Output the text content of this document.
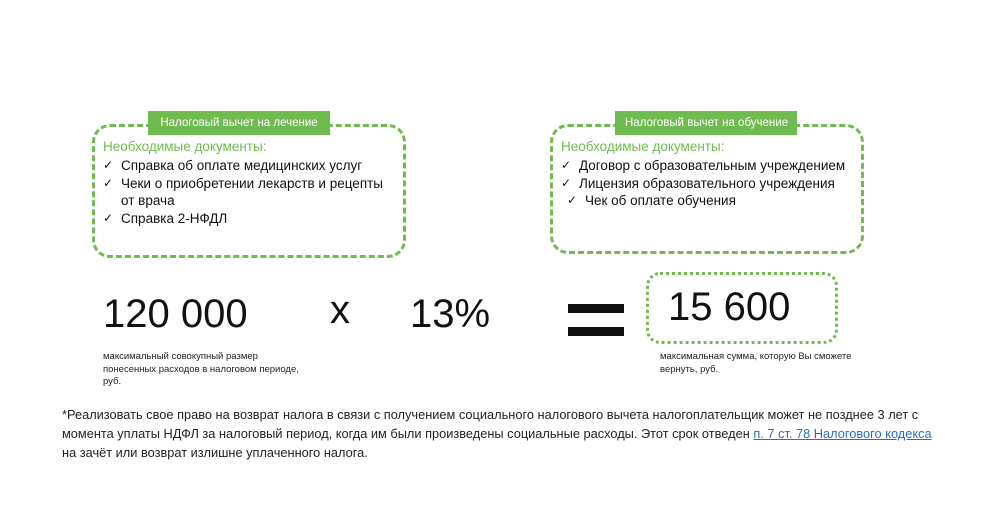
Налоговый вычет на лечение
Необходимые документы:
✓ Справка об оплате медицинских услуг
✓ Чеки о приобретении лекарств и рецепты от врача
✓ Справка 2-НФДЛ
Налоговый вычет на обучение
Необходимые документы:
✓ Договор с образовательным учреждением
✓ Лицензия образовательного учреждения
✓ Чек об оплате обучения
120 000
максимальный совокупный размер понесенных расходов в налоговом периоде, руб.
x 13%	15 600
максимальная сумма, которую Вы сможете вернуть, руб.
*Реализовать свое право на возврат налога в связи с получением социального налогового вычета налогоплательщик может не позднее 3 лет с момента уплаты НДФЛ за налоговый период, когда им были произведены социальные расходы. Этот срок отведен п. 7 ст. 78 Налогового кодекса на зачёт или возврат излишне уплаченного налога.
